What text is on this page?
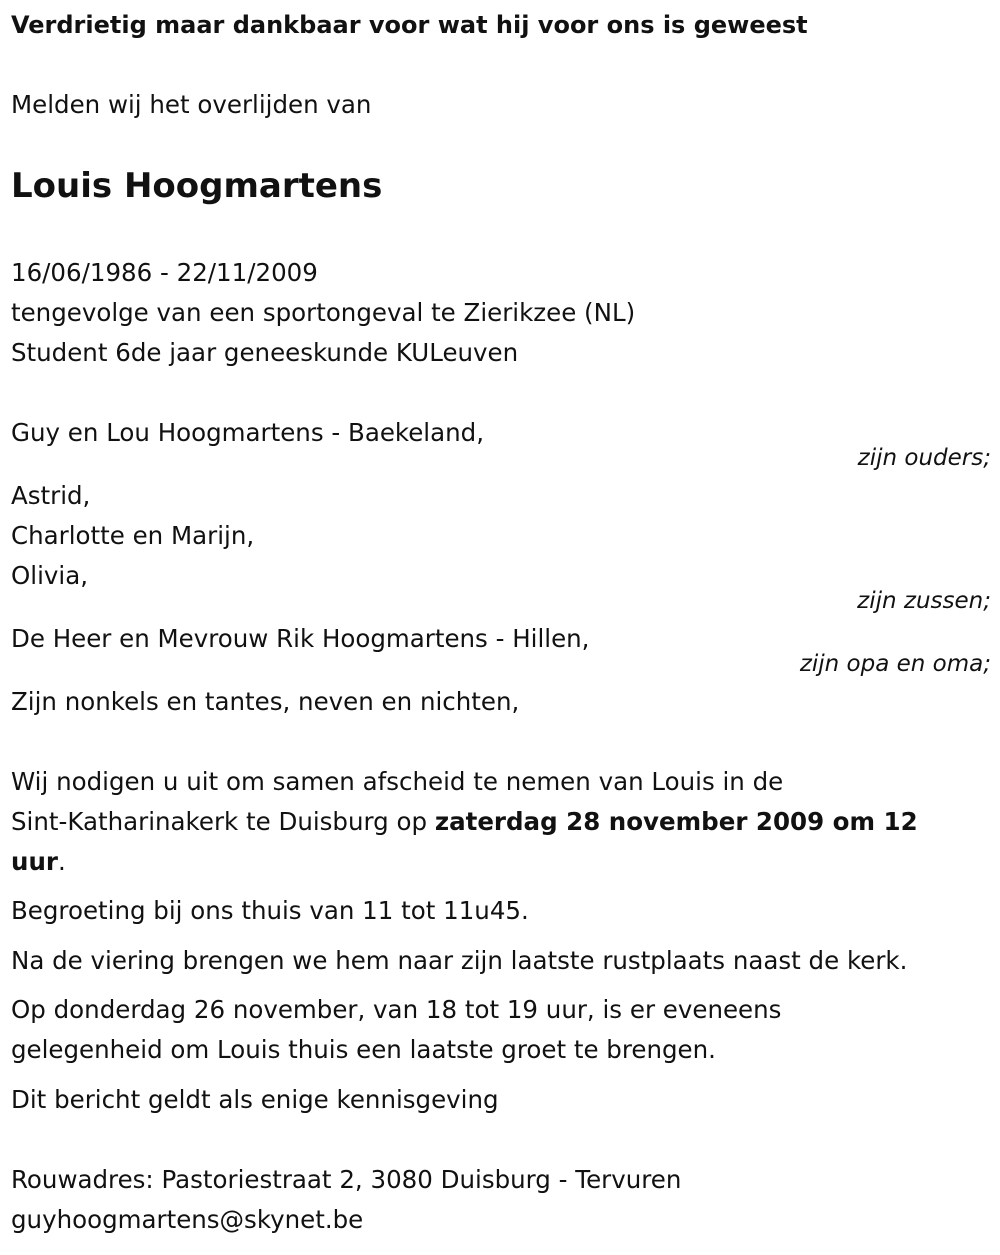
Verdrietig maar dankbaar voor wat hij voor ons is geweest
Melden wij het overlijden van
Louis Hoogmartens
16/06/1986 - 22/11/2009
tengevolge van een sportongeval te Zierikzee (NL)
Student 6de jaar geneeskunde KULeuven
Guy en Lou Hoogmartens - Baekeland,
zijn ouders;
Astrid,
Charlotte en Marijn,
Olivia,
zijn zussen;
De Heer en Mevrouw Rik Hoogmartens - Hillen,
zijn opa en oma;
Zijn nonkels en tantes, neven en nichten,
Wij nodigen u uit om samen afscheid te nemen van Louis in de
Sint-Katharinakerk te Duisburg op zaterdag 28 november 2009 om 12
uur.
Begroeting bij ons thuis van 11 tot 11u45.
Na de viering brengen we hem naar zijn laatste rustplaats naast de kerk.
Op donderdag 26 november, van 18 tot 19 uur, is er eveneens
gelegenheid om Louis thuis een laatste groet te brengen.
Dit bericht geldt als enige kennisgeving
Rouwadres: Pastoriestraat 2, 3080 Duisburg - Tervuren
guyhoogmartens@skynet.be
